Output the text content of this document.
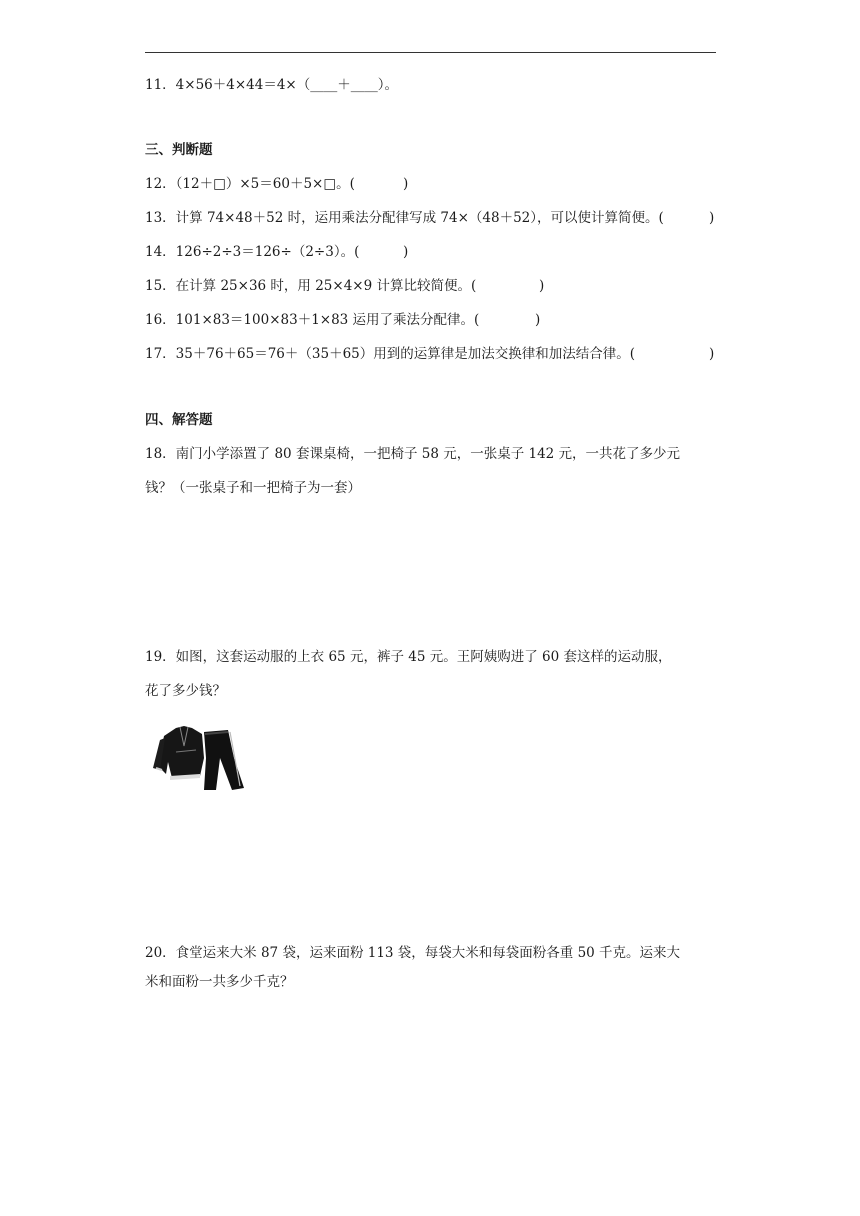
11．4×56＋4×44＝4×（____＋____）。
三、判断题
12．（12＋□）×5＝60＋5×□。(	)
13．计算 74×48＋52 时，运用乘法分配律写成 74×（48＋52），可以使计算简便。(	)
14．126÷2÷3＝126÷（2÷3）。(	)
15．在计算 25×36 时，用 25×4×9 计算比较简便。(	)
16．101×83＝100×83＋1×83 运用了乘法分配律。(	)
17．35＋76＋65＝76＋（35＋65）用到的运算律是加法交换律和加法结合律。(	)
四、解答题
18．南门小学添置了 80 套课桌椅，一把椅子 58 元，一张桌子 142 元，一共花了多少元
钱？（一张桌子和一把椅子为一套）
19．如图，这套运动服的上衣 65 元，裤子 45 元。王阿姨购进了 60 套这样的运动服，
花了多少钱？
20．食堂运来大米 87 袋，运来面粉 113 袋，每袋大米和每袋面粉各重 50 千克。运来大
米和面粉一共多少千克？
